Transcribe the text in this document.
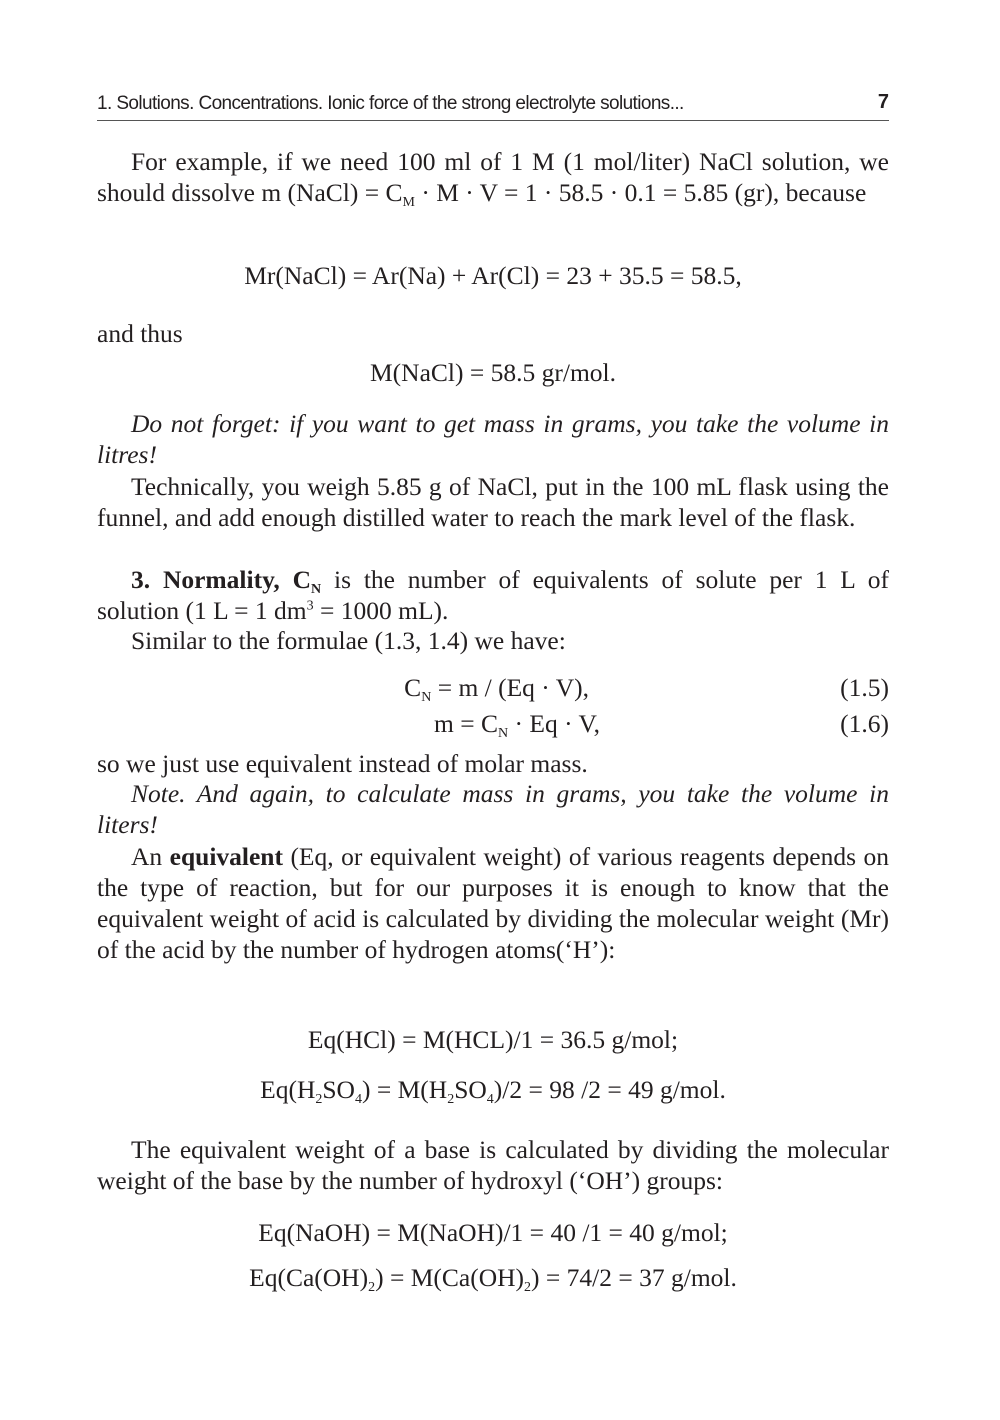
1. Solutions. Concentrations. Ionic force of the strong electrolyte solutions...	7
For example, if we need 100 ml of 1 M (1 mol/liter) NaCl solution, we should dissolve m (NaCl) = $C_M \cdot M \cdot V = 1 \cdot 58.5 \cdot 0.1 = 5.85$ (gr), because
Mr(NaCl) = Ar(Na) + Ar(Cl) = 23 + 35.5 = 58.5,
and thus
M(NaCl) = 58.5 gr/mol.
Do not forget: if you want to get mass in grams, you take the volume in litres!
Technically, you weigh 5.85 g of NaCl, put in the 100 mL flask using the funnel, and add enough distilled water to reach the mark level of the flask.
3. Normality, $C_N$ is the number of equivalents of solute per 1 L of solution (1 L = 1 $dm^3 = 1000$ mL).
Similar to the formulae (1.3, 1.4) we have:
$C_N = m / (Eq \cdot V)$,	(1.5)
$m = C_N \cdot Eq \cdot V$,	(1.6)
so we just use equivalent instead of molar mass.
Note. And again, to calculate mass in grams, you take the volume in liters!
An equivalent (Eq, or equivalent weight) of various reagents depends on the type of reaction, but for our purposes it is enough to know that the equivalent weight of acid is calculated by dividing the molecular weight (Mr) of the acid by the number of hydrogen atoms(‘H’):
Eq(HCl) = M(HCL)/1 = 36.5 g/mol;
$Eq(H_2SO_4) = M(H_2SO_4)/2 = 98$ /2 = 49 g/mol.
The equivalent weight of a base is calculated by dividing the molecular weight of the base by the number of hydroxyl (‘OH’) groups:
Eq(NaOH) = M(NaOH)/1 = 40 /1 = 40 g/mol;
$Eq(Ca(OH)_2) = M(Ca(OH)_2) = 74/2 = 37$ g/mol.
